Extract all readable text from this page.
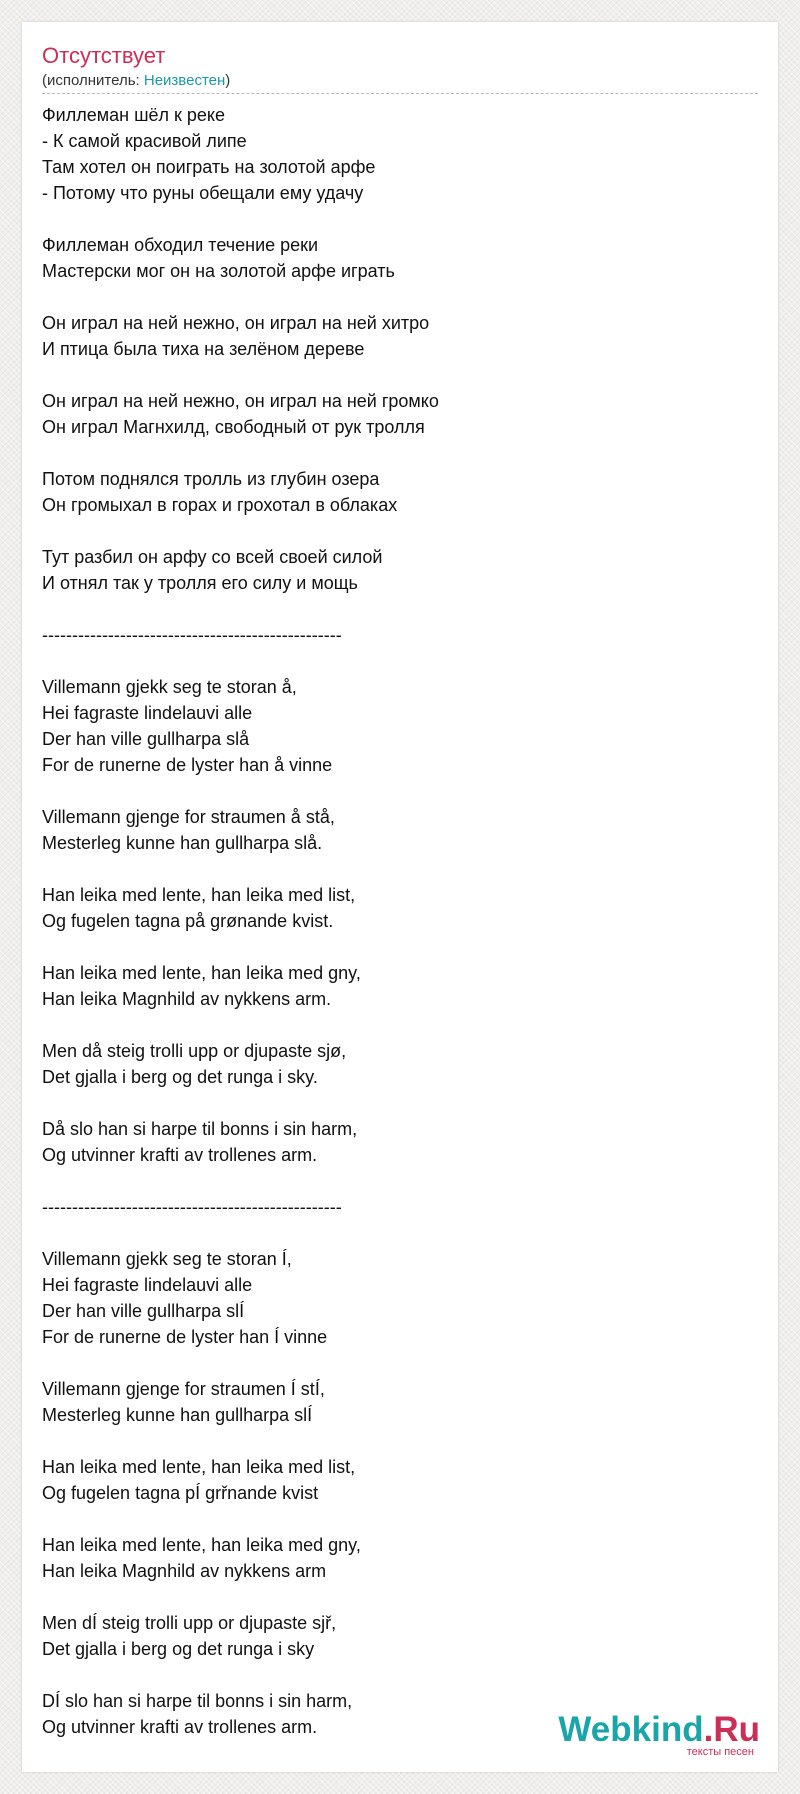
Отсутствует
(исполнитель: Неизвестен)
Филлеман шёл к реке
- К самой красивой липе
Там хотел он поиграть на золотой арфе
- Потому что руны обещали ему удачу
Филлеман обходил течение реки
Мастерски мог он на золотой арфе играть
Он играл на ней нежно, он играл на ней хитро
И птица была тиха на зелёном дереве
Он играл на ней нежно, он играл на ней громко
Он играл Магнхилд, свободный от рук тролля
Потом поднялся тролль из глубин озера
Он громыхал в горах и грохотал в облаках
Тут разбил он арфу со всей своей силой
И отнял так у тролля его силу и мощь
--------------------------------------------------
Villemann gjekk seg te storan å,
Hei fagraste lindelauvi alle
Der han ville gullharpa slå
For de runerne de lyster han å vinne
Villemann gjenge for straumen å stå,
Mesterleg kunne han gullharpa slå.
Han leika med lente, han leika med list,
Og fugelen tagna på grønande kvist.
Han leika med lente, han leika med gny,
Han leika Magnhild av nykkens arm.
Men då steig trolli upp or djupaste sjø,
Det gjalla i berg og det runga i sky.
Då slo han si harpe til bonns i sin harm,
Og utvinner krafti av trollenes arm.
--------------------------------------------------
Villemann gjekk seg te storan Í,
Hei fagraste lindelauvi alle
Der han ville gullharpa slÍ
For de runerne de lyster han Í vinne
Villemann gjenge for straumen Í stÍ,
Mesterleg kunne han gullharpa slÍ
Han leika med lente, han leika med list,
Og fugelen tagna pÍ grřnande kvist
Han leika med lente, han leika med gny,
Han leika Magnhild av nykkens arm
Men dÍ steig trolli upp or djupaste sjř,
Det gjalla i berg og det runga i sky
DÍ slo han si harpe til bonns i sin harm,
Og utvinner krafti av trollenes arm.	Webkind.Ru
тексты песен
